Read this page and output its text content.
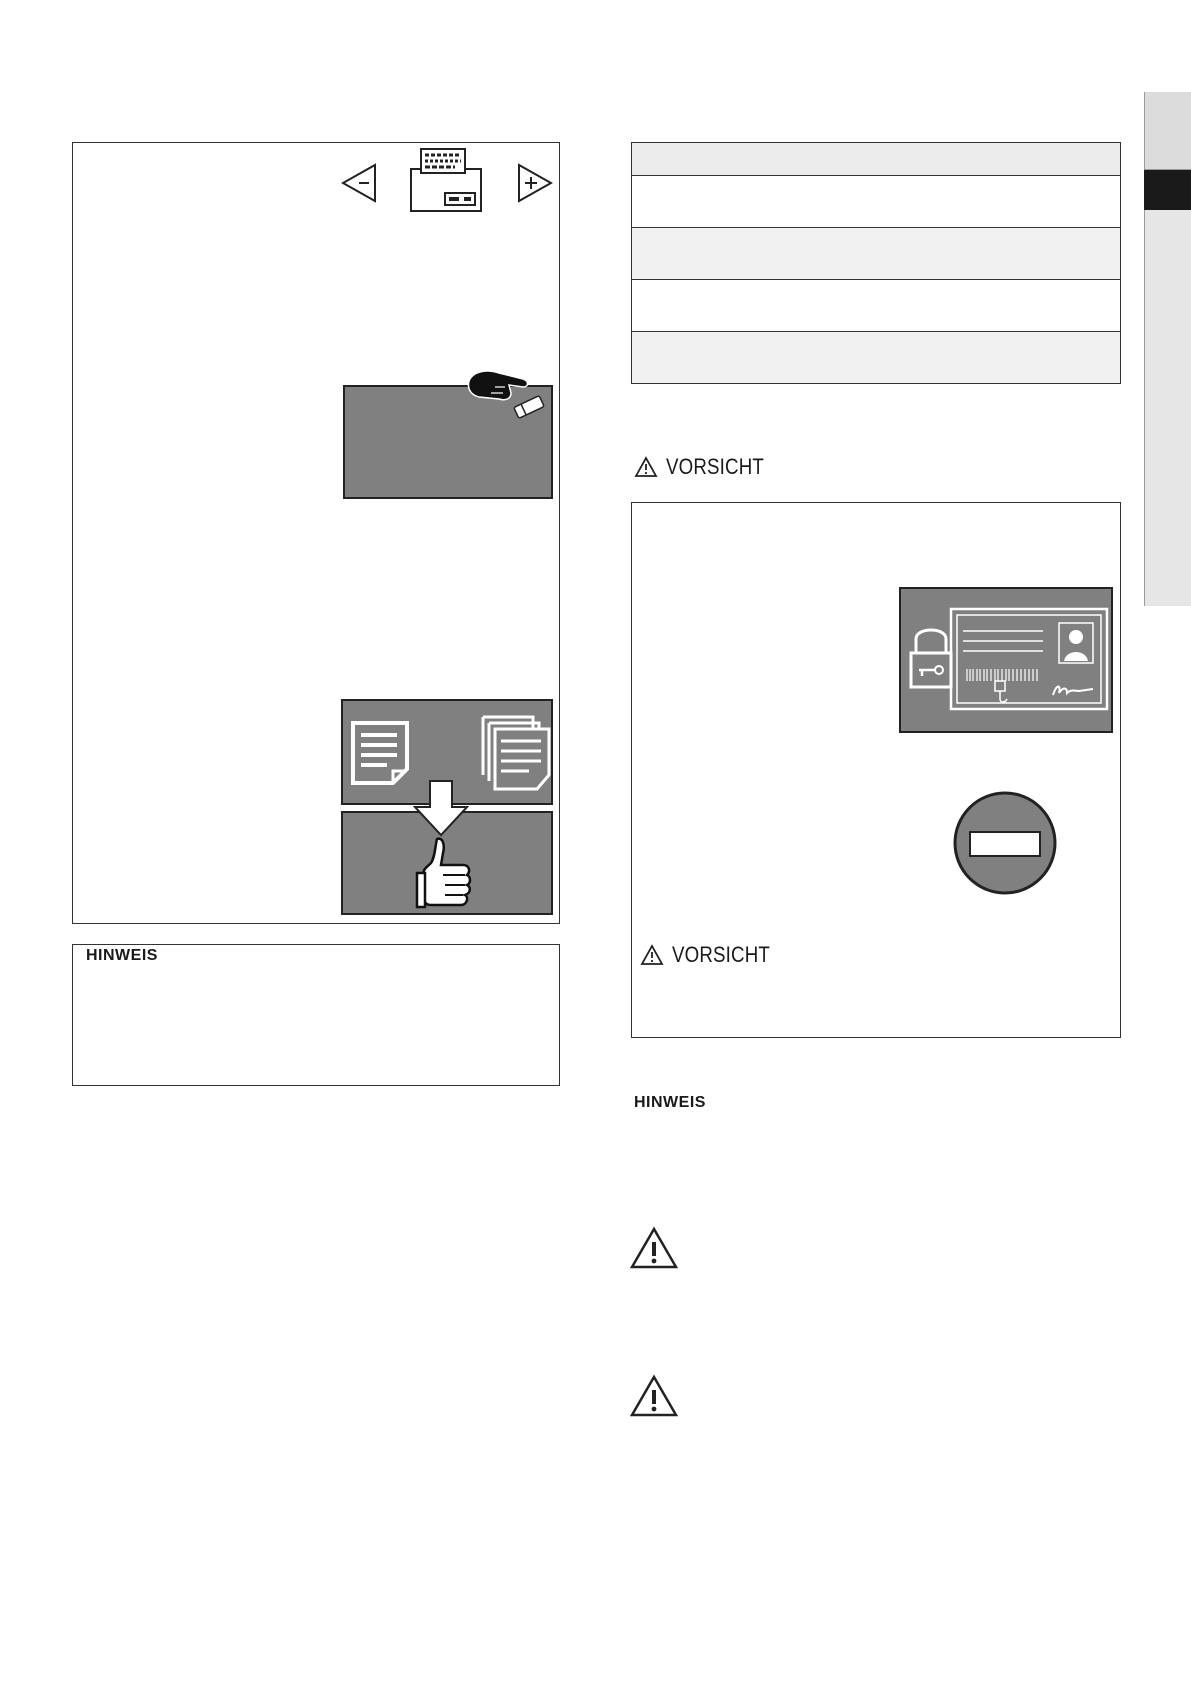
HINWEIS
VORSICHT
VORSICHT
HINWEIS
